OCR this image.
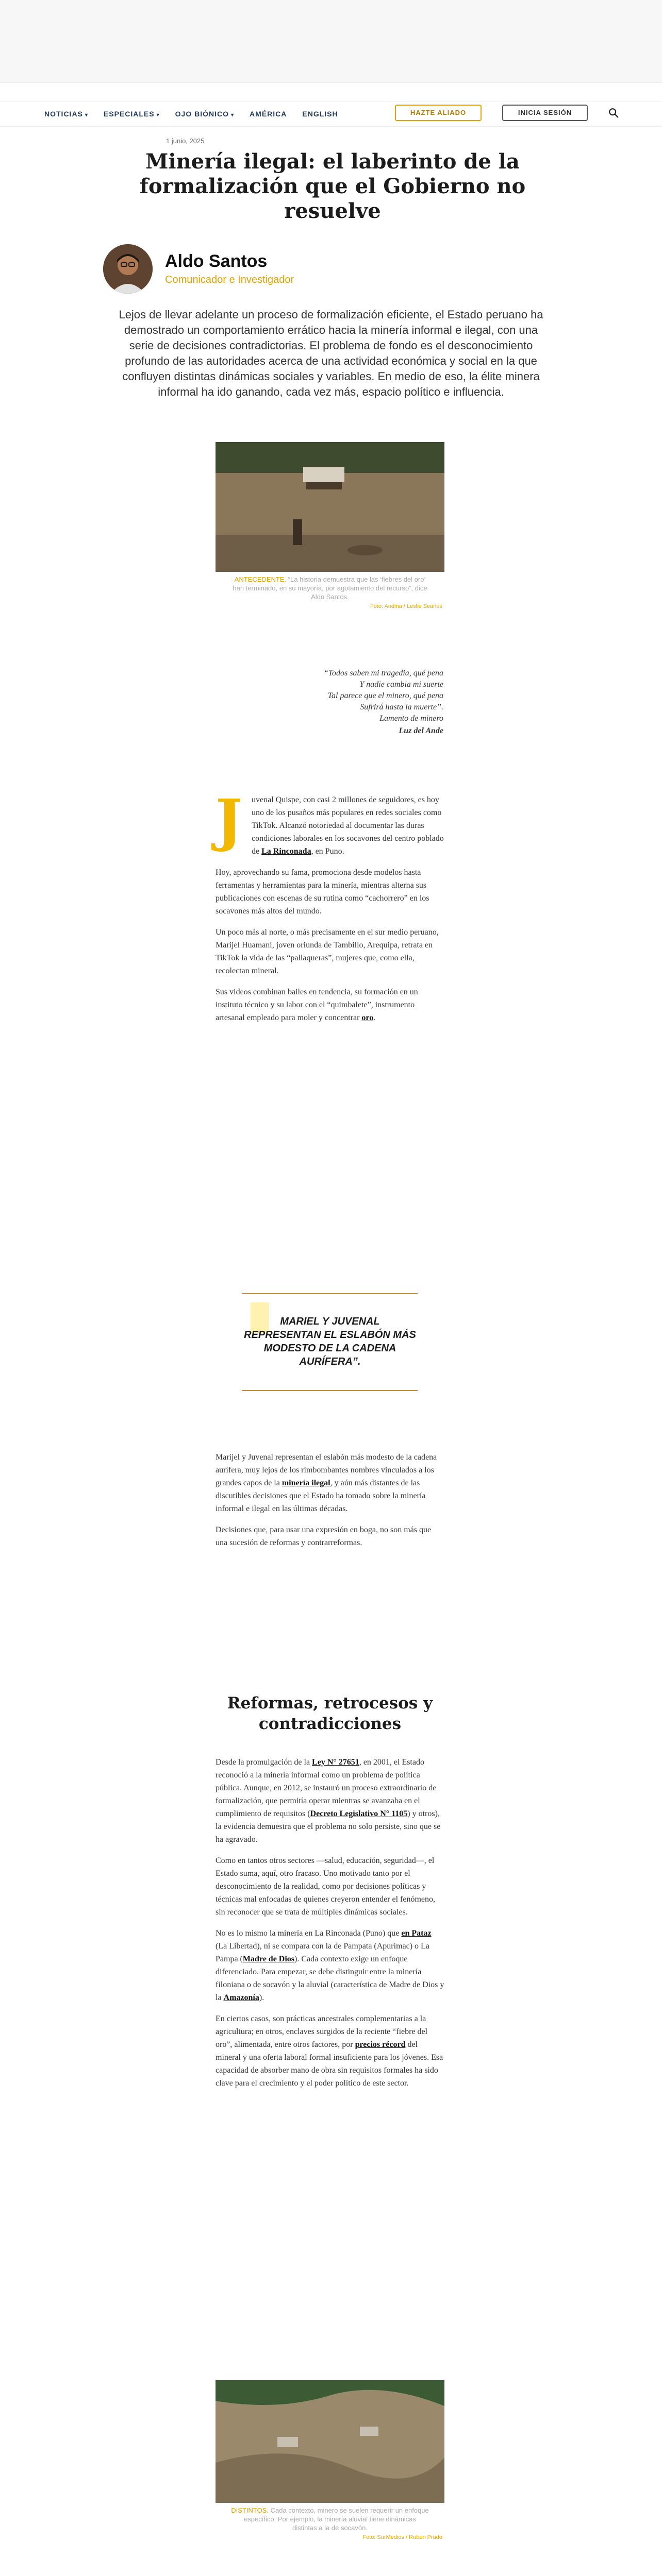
NOTICIAS ▾ ESPECIALES ▾ OJO BIÓNICO ▾ AMÉRICA ENGLISH	HAZTE ALIADO	INICIA SESIÓN
1 junio, 2025
Minería ilegal: el laberinto de la formalización que el Gobierno no resuelve
Aldo Santos
Comunicador e Investigador

Lejos de llevar adelante un proceso de formalización eficiente, el Estado peruano ha demostrado un comportamiento errático hacia la minería informal e ilegal, con una serie de decisiones contradictorias. El problema de fondo es el desconocimiento profundo de las autoridades acerca de una actividad económica y social en la que confluyen distintas dinámicas sociales y variables. En medio de eso, la élite minera informal ha ido ganando, cada vez más, espacio político e influencia.

ANTECEDENTE. “La historia demuestra que las ‘fiebres del oro’ han terminado, en su mayoría, por agotamiento del recurso”, dice Aldo Santos.
Foto: Andina / Leslie Searles

“Todos saben mi tragedia, qué pena

Y nadie cambia mi suerte

Tal parece que el minero, qué pena

Sufrirá hasta la muerte”.

Lamento de minero

Luz del Ande

J uvenal Quispe, con casi 2 millones de seguidores, es hoy uno de los pusaños más populares en redes sociales como TikTok. Alcanzó notoriedad al documentar las duras condiciones laborales en los socavones del centro poblado de La Rinconada, en Puno.

Hoy, aprovechando su fama, promociona desde modelos hasta ferramentas y herramientas para la minería, mientras alterna sus publicaciones con escenas de su rutina como “cachorrero” en los socavones más altos del mundo.

Un poco más al norte, o más precisamente en el sur medio peruano, Marijel Huamaní, joven oriunda de Tambillo, Arequipa, retrata en TikTok la vida de las “pallaqueras”, mujeres que, como ella, recolectan mineral.

Sus videos combinan bailes en tendencia, su formación en un instituto técnico y su labor con el “quimbalete”, instrumento artesanal empleado para moler y concentrar oro.

MARIEL Y JUVENAL REPRESENTAN EL ESLABÓN MÁS MODESTO DE LA CADENA AURÍFERA”.

Marijel y Juvenal representan el eslabón más modesto de la cadena aurífera, muy lejos de los rimbombantes nombres vinculados a los grandes capos de la minería ilegal, y aún más distantes de las discutibles decisiones que el Estado ha tomado sobre la minería informal e ilegal en las últimas décadas.

Decisiones que, para usar una expresión en boga, no son más que una sucesión de reformas y contrarreformas.

Reformas, retrocesos y contradicciones

Desde la promulgación de la Ley N° 27651, en 2001, el Estado reconoció a la minería informal como un problema de política pública. Aunque, en 2012, se instauró un proceso extraordinario de formalización, que permitía operar mientras se avanzaba en el cumplimiento de requisitos (Decreto Legislativo N° 1105) y otros), la evidencia demuestra que el problema no solo persiste, sino que se ha agravado.

Como en tantos otros sectores —salud, educación, seguridad—, el Estado suma, aquí, otro fracaso. Uno motivado tanto por el desconocimiento de la realidad, como por decisiones políticas y técnicas mal enfocadas de quienes creyeron entender el fenómeno, sin reconocer que se trata de múltiples dinámicas sociales.

No es lo mismo la minería en La Rinconada (Puno) que en Pataz (La Libertad), ni se compara con la de Pampata (Apurímac) o La Pampa (Madre de Dios). Cada contexto exige un enfoque diferenciado. Para empezar, se debe distinguir entre la minería filoniana o de socavón y la aluvial (característica de Madre de Dios y la Amazonía).

En ciertos casos, son prácticas ancestrales complementarias a la agricultura; en otros, enclaves surgidos de la reciente “fiebre del oro”, alimentada, entre otros factores, por precios récord del mineral y una oferta laboral formal insuficiente para los jóvenes. Esa capacidad de absorber mano de obra sin requisitos formales ha sido clave para el crecimiento y el poder político de este sector.

DISTINTOS. Cada contexto, minero se suelen requerir un enfoque específico. Por ejemplo, la minería aluvial tiene dinámicas distintas a la de socavón.
Foto: SurMedios / Ruben Prado
